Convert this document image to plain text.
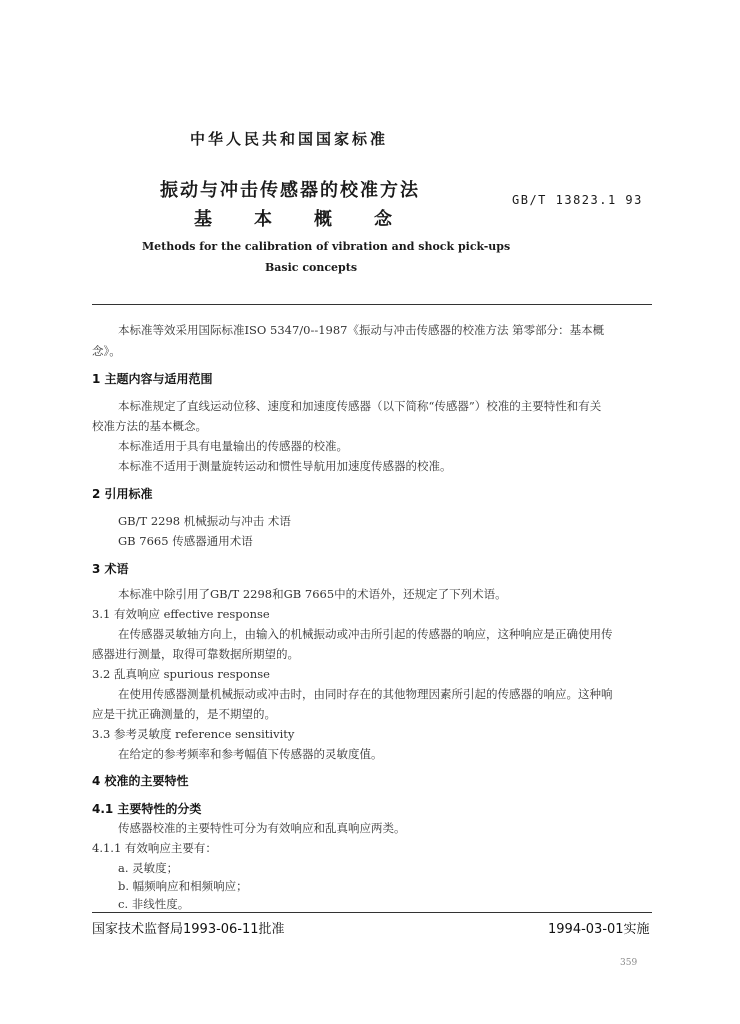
中华人民共和国国家标准
振动与冲击传感器的校准方法
基 本 概 念
GB/T 13823.1 93
Methods for the calibration of vibration and shock pick-ups
Basic concepts
本标准等效采用国际标准ISO 5347/0--1987《振动与冲击传感器的校准方法 第零部分：基本概
念》。
1 主题内容与适用范围
本标准规定了直线运动位移、速度和加速度传感器（以下简称“传感器”）校准的主要特性和有关
校准方法的基本概念。
本标准适用于具有电量输出的传感器的校准。
本标准不适用于测量旋转运动和惯性导航用加速度传感器的校准。
2 引用标准
GB/T 2298 机械振动与冲击 术语
GB 7665 传感器通用术语
3 术语
本标准中除引用了GB/T 2298和GB 7665中的术语外，还规定了下列术语。
3.1 有效响应 effective response
在传感器灵敏轴方向上，由输入的机械振动或冲击所引起的传感器的响应，这种响应是正确使用传
感器进行测量，取得可靠数据所期望的。
3.2 乱真响应 spurious response
在使用传感器测量机械振动或冲击时，由同时存在的其他物理因素所引起的传感器的响应。这种响
应是干扰正确测量的，是不期望的。
3.3 参考灵敏度 reference sensitivity
在给定的参考频率和参考幅值下传感器的灵敏度值。
4 校准的主要特性
4.1 主要特性的分类
传感器校准的主要特性可分为有效响应和乱真响应两类。
4.1.1 有效响应主要有：
a. 灵敏度；
b. 幅频响应和相频响应；
c. 非线性度。
国家技术监督局1993-06-11批准	1994-03-01实施
359
